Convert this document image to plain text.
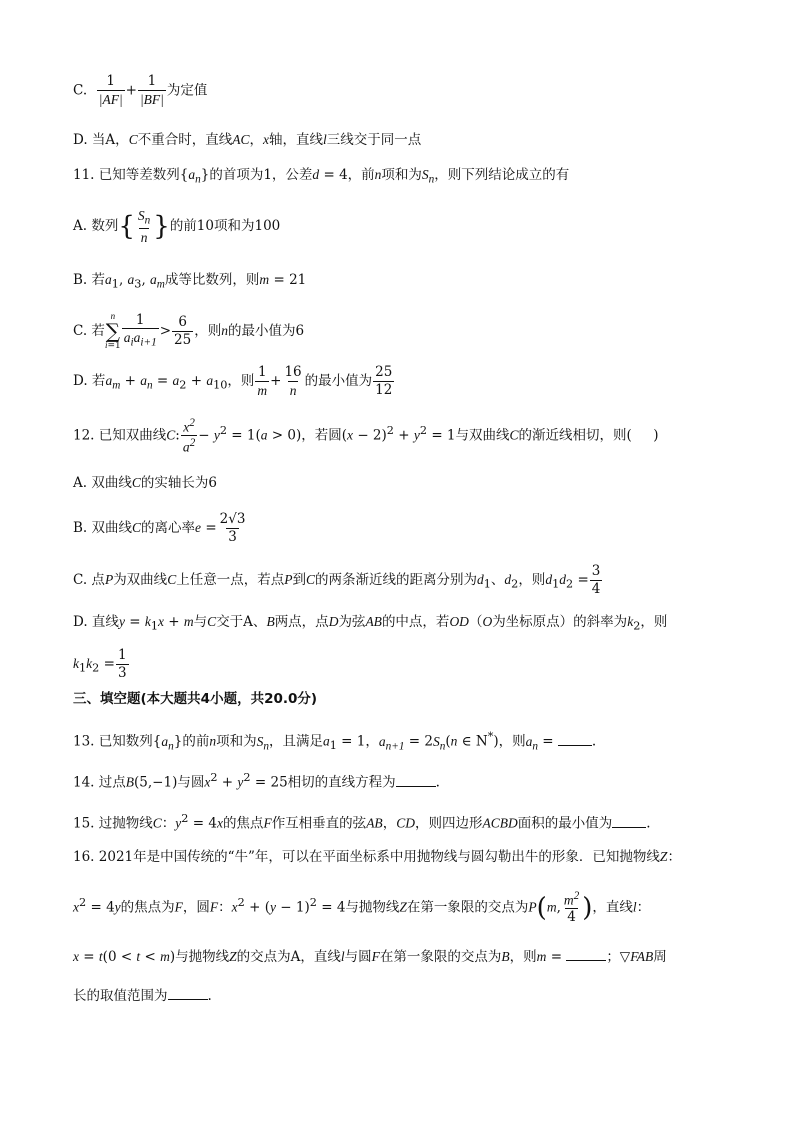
C. $\frac{1}{|AF|} + \frac{1}{|BF|}$ 为定值
D. 当A，C不重合时，直线AC，x轴，直线l三线交于同一点
11. 已知等差数列$\{a_n\}$的首项为1，公差d = 4，前n项和为$S_n$，则下列结论成立的有
A. 数列{ $\frac{S_n}{n}$ }的前10项和为100
B. 若$a_1$, $a_3$, $a_m$成等比数列，则m = 21
C. 若
n
∑
$i=1 \frac{1}{a_ia_{i+1}} > \frac{6}{25}$ ，则n的最小值为6
D. 若$a_m + a_n = a_2 + a_{10}$，则 $\frac{1}{m} + \frac{16}{n}$ 的最小值为 $\frac{25}{12}$
12. 已知双曲线C: $\frac{x^2}{a^2} - y^2 = 1(a > 0)$，若圆$(x - 2)^2 + y^2 = 1$与双曲线C的渐近线相切，则(     )
A. 双曲线C的实轴长为6
B. 双曲线C的离心率$e = \frac{2√3}{3}$
C. 点P为双曲线C上任意一点，若点P到C的两条渐近线的距离分别为$d_1$、$d_2$，则$d_1d_2 = \frac{3}{4}$
D. 直线$y = k_1x + m$与C交于A、B两点，点D为弦AB的中点，若OD（O为坐标原点）的斜率为$k_2$，则
$k_1k_2 = \frac{1}{3}$
三、填空题(本大题共4小题，共20.0分)
13. 已知数列$\{a_n\}$的前n项和为$S_n$，且满足$a_1 = 1$，$a_{n+1} = 2S_n(n$ ∈ N*)，则$a_n$ =	.
14. 过点B(5,−1)与圆$x^2 + y^2 = 25$相切的直线方程为	.
15. 过抛物线C：$y^2 = 4x$的焦点F作互相垂直的弦AB，CD，则四边形ACBD面积的最小值为	.
16. 2021年是中国传统的“牛”年，可以在平面坐标系中用抛物线与圆勾勒出牛的形象．已知抛物线Z：
$x^2 = 4y$的焦点为F，圆F：$x^2 + (y - 1)^2 = 4$与抛物线Z在第一象限的交点为P(m, $\frac{m^2}{4}$ )，直线l：
x = t(0 < t < m)与抛物线Z的交点为A，直线l与圆F在第一象限的交点为B，则m =	；▽FAB周
长的取值范围为	.
